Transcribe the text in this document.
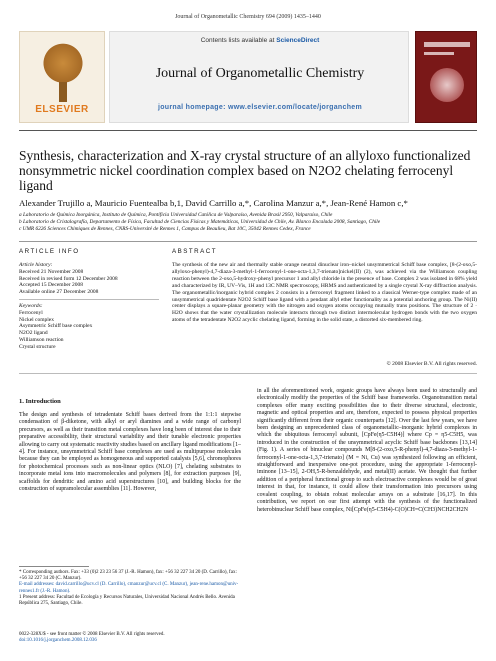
Journal of Organometallic Chemistry 694 (2009) 1435–1440
ELSEVIER
Contents lists available at ScienceDirect
Journal of Organometallic Chemistry
journal homepage: www.elsevier.com/locate/jorganchem
Synthesis, characterization and X-ray crystal structure of an allyloxo functionalized nonsymmetric nickel coordination complex based on N2O2 chelating ferrocenyl ligand
Alexander Trujillo a, Mauricio Fuentealba b,1, David Carrillo a,*, Carolina Manzur a,*, Jean-René Hamon c,*
a Laboratorio de Química Inorgánica, Instituto de Química, Pontificia Universidad Católica de Valparaíso, Avenida Brasil 2950, Valparaíso, Chile
b Laboratorio de Cristalografía, Departamento de Física, Facultad de Ciencias Físicas y Matemáticas, Universidad de Chile, Av. Blanco Encalada 2008, Santiago, Chile
c UMR 6226 Sciences Chimiques de Rennes, CNRS-Université de Rennes 1, Campus de Beaulieu, Bat 10C, 35042 Rennes Cedex, France
ARTICLE INFO	ABSTRACT
Article history:
Received 21 November 2008
Received in revised form 12 December 2008
Accepted 15 December 2008
Available online 27 December 2008
Keywords:
Ferrocenyl
Nickel complex
Asymmetric Schiff base complex
N2O2 ligand
Williamson reaction
Crystal structure
The synthesis of the new air and thermally stable orange neutral dinuclear iron–nickel unsymmetrical Schiff base complex, [8-(2-oxo,5-allyloxo-phenyl)-4,7-diaza-3-methyl-1-ferrocenyl-1-one-octa-1,3,7-trienato]nickel(II) (2), was achieved via the Williamson coupling reaction between the 2-oxo,5-hydroxy-phenyl precursor 1 and allyl chloride in the presence of base. Complex 2 was isolated in 68% yield and characterized by IR, UV–Vis, 1H and 13C NMR spectroscopy, HRMS and authenticated by a single crystal X-ray diffraction analysis. The organometallic/inorganic hybrid complex 2 consists in a ferrocenyl fragment linked to a classical Werner-type complex made of an unsymmetrical quadridentate N2O2 Schiff base ligand with a pendant allyl ether functionality as a potential anchoring group. The Ni(II) center displays a square-planar geometry with the nitrogen and oxygen atoms occupying mutually trans positions. The structure of 2 · H2O shows that the water crystallization molecule interacts through two distinct intermolecular hydrogen bonds with the two oxygen atoms of the tetradentate N2O2 acyclic chelating ligand, forming in the solid state, a distorted six-membered ring.
© 2008 Elsevier B.V. All rights reserved.
1. Introduction
The design and synthesis of tetradentate Schiff bases derived from the 1:1:1 stepwise condensation of β-diketone, with alkyl or aryl diamines and a wide range of carbonyl precursors, as well as their transition metal complexes have long been of interest due to their preparative accessibility, their structural variability and their tunable electronic properties allowing to carry out systematic reactivity studies based on ancillary ligand modifications [1–4]. For instance, unsymmetrical Schiff base complexes are used as multipurpose molecules because they can be employed as homogeneous and supported catalysts [5,6], chromophores for photochemical processes such as non-linear optics (NLO) [7], chelating substrates to incorporate metal ions into macromolecules and polymers [8], for extraction purposes [9], scaffolds for dendritic and amino acid superstructures [10], and building blocks for the construction of supramolecular assemblies [11]. However,
in all the aforementioned work, organic groups have always been used to structurally and electronically modify the properties of the Schiff base frameworks. Organotransition metal complexes offer many exciting possibilities due to their diverse structural, electronic, magnetic and optical properties and are, therefore, expected to possess physical properties significantly different from their organic counterparts [12]. Over the last few years, we have been designing an unprecedented class of organometallic–inorganic hybrid complexes in which the ubiquitous ferrocenyl subunit, [CpFe(η5-C5H4)] where Cp = η5-C5H5, was introduced in the construction of the unsymmetrical acyclic Schiff base backbones [13,14] (Fig. 1). A series of binuclear compounds M[8-(2-oxo,5-R-phenyl)-4,7-diaza-3-methyl-1-ferrocenyl-1-one-octa-1,3,7-trienato] (M = Ni, Cu) was synthesized following an efficient, straightforward and inexpensive one-pot procedure, using the appropriate 1-ferrocenyl-iminone [13–15], 2-OH,5-R-benzaldehyde, and metal(II) acetate. We thought that further addition of a peripheral functional group to such electroactive complexes would be of great interest in that, for instance, it could allow their transformation into precursors using covalent coupling, to obtain robust molecular arrays on a substrate [16,17]. In this contribution, we report on our first attempt with the synthesis of the functionalized heterobinuclear Schiff base complex, Ni[CpFe(η5-C5H4)-C(O)CH=C(CH3)NCH2CH2N
* Corresponding authors. Fax: +33 (0)2 23 23 56 37 (J.-R. Hamon), fax: +56 32 227 34 20 (D. Carrillo), fax: +56 32 227 34 20 (C. Manzur).
E-mail addresses: david.carrillo@ucv.cl (D. Carrillo), cmanzur@ucv.cl (C. Manzur), jean-rene.hamon@univ-rennes1.fr (J.-R. Hamon).
1 Present address: Facultad de Ecología y Recursos Naturales, Universidad Nacional Andrés Bello. Avenida República 275, Santiago, Chile.
0022-328X/$ - see front matter © 2008 Elsevier B.V. All rights reserved.
doi:10.1016/j.jorganchem.2008.12.036
